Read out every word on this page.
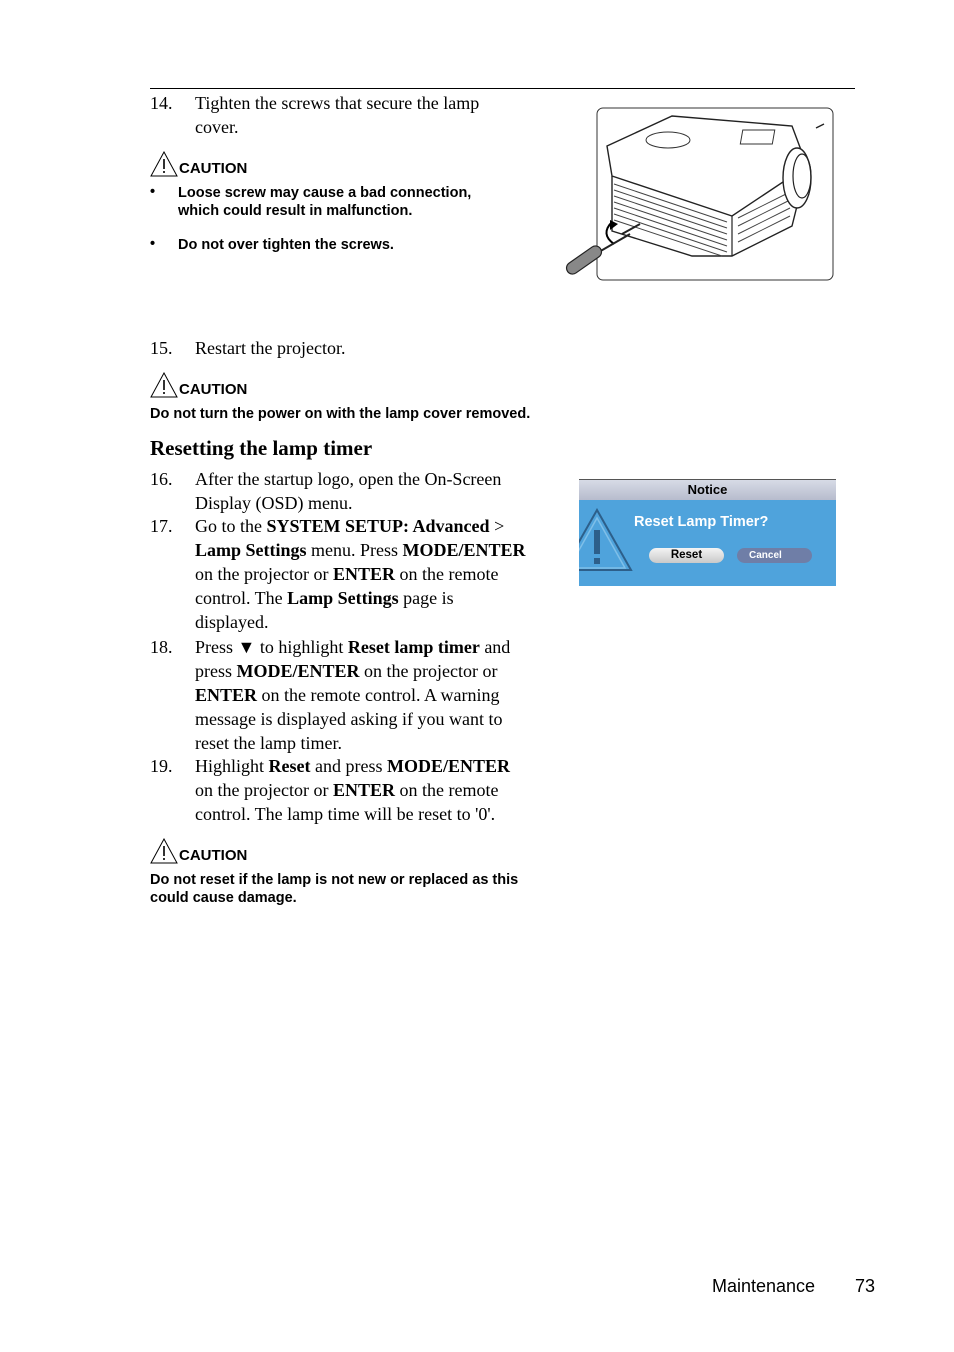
14.	Tighten the screws that secure the lamp
cover.
CAUTION
• Loose screw may cause a bad connection,
which could result in malfunction.
• Do not over tighten the screws.
15.	Restart the projector.
CAUTION
Do not turn the power on with the lamp cover removed.
Resetting the lamp timer
16.	After the startup logo, open the On-Screen
Display (OSD) menu.
17.	Go to the SYSTEM SETUP: Advanced >
Lamp Settings menu. Press MODE/ENTER
on the projector or ENTER on the remote
control. The Lamp Settings page is
displayed.
18.	Press ▼ to highlight Reset lamp timer and
press MODE/ENTER on the projector or
ENTER on the remote control. A warning
message is displayed asking if you want to
reset the lamp timer.
19.	Highlight Reset and press MODE/ENTER
on the projector or ENTER on the remote
control. The lamp time will be reset to '0'.
CAUTION
Do not reset if the lamp is not new or replaced as this
could cause damage.
Notice
Reset Lamp Timer?
Reset	Cancel
Maintenance 73
